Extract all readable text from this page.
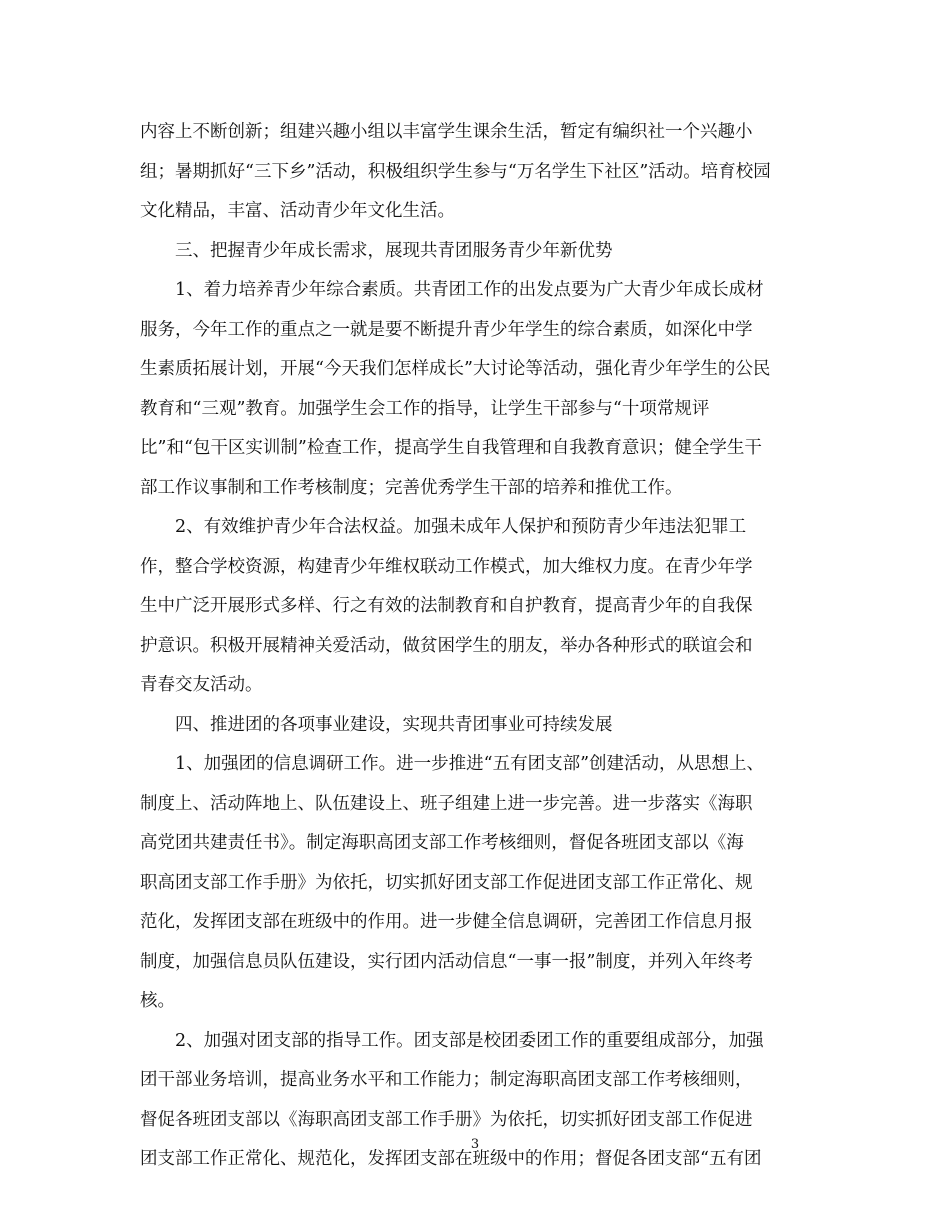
内容上不断创新；组建兴趣小组以丰富学生课余生活，暂定有编织社一个兴趣小
组；暑期抓好“三下乡”活动，积极组织学生参与“万名学生下社区”活动。培育校园
文化精品，丰富、活动青少年文化生活。
三、把握青少年成长需求，展现共青团服务青少年新优势
1、着力培养青少年综合素质。共青团工作的出发点要为广大青少年成长成材
服务，今年工作的重点之一就是要不断提升青少年学生的综合素质，如深化中学
生素质拓展计划，开展“今天我们怎样成长”大讨论等活动，强化青少年学生的公民
教育和“三观”教育。加强学生会工作的指导，让学生干部参与“十项常规评
比”和“包干区实训制”检查工作，提高学生自我管理和自我教育意识；健全学生干
部工作议事制和工作考核制度；完善优秀学生干部的培养和推优工作。
2、有效维护青少年合法权益。加强未成年人保护和预防青少年违法犯罪工
作，整合学校资源，构建青少年维权联动工作模式，加大维权力度。在青少年学
生中广泛开展形式多样、行之有效的法制教育和自护教育，提高青少年的自我保
护意识。积极开展精神关爱活动，做贫困学生的朋友，举办各种形式的联谊会和
青春交友活动。
四、推进团的各项事业建设，实现共青团事业可持续发展
1、加强团的信息调研工作。进一步推进“五有团支部”创建活动，从思想上、
制度上、活动阵地上、队伍建设上、班子组建上进一步完善。进一步落实《海职
高党团共建责任书》。制定海职高团支部工作考核细则，督促各班团支部以《海
职高团支部工作手册》为依托，切实抓好团支部工作促进团支部工作正常化、规
范化，发挥团支部在班级中的作用。进一步健全信息调研，完善团工作信息月报
制度，加强信息员队伍建设，实行团内活动信息“一事一报”制度，并列入年终考
核。
2、加强对团支部的指导工作。团支部是校团委团工作的重要组成部分，加强
团干部业务培训，提高业务水平和工作能力；制定海职高团支部工作考核细则，
督促各班团支部以《海职高团支部工作手册》为依托，切实抓好团支部工作促进
团支部工作正常化、规范化，发挥团支部在班级中的作用；督促各团支部“五有团
3
